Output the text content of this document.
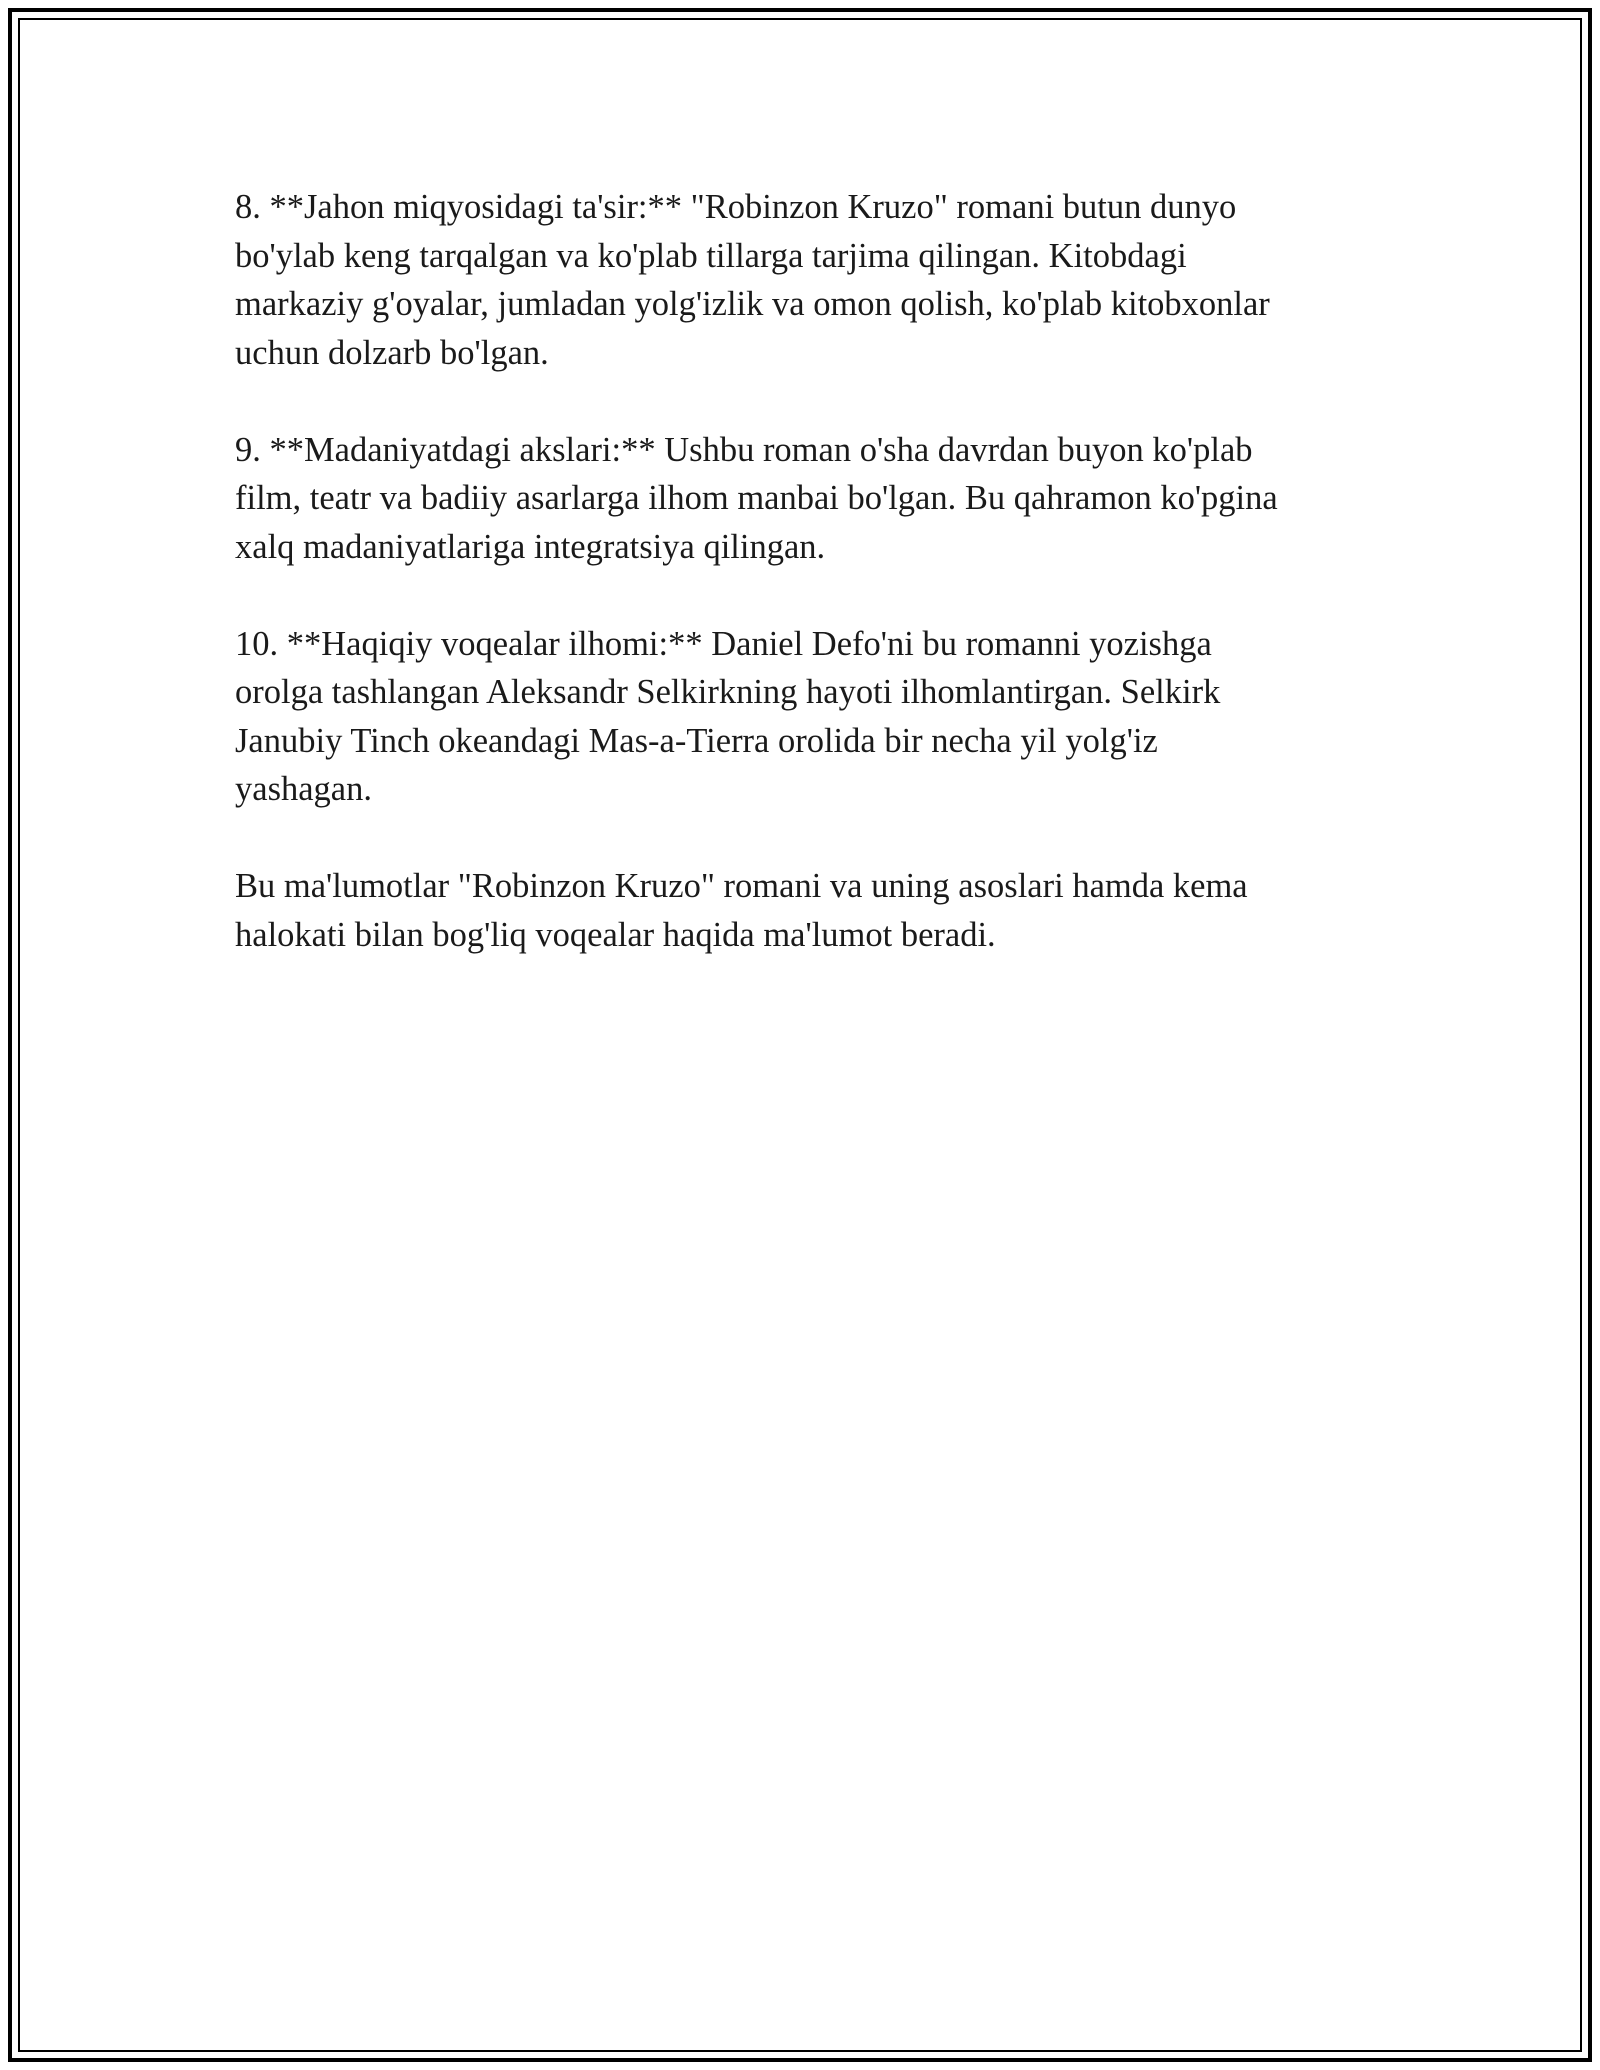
8. **Jahon miqyosidagi ta'sir:** "Robinzon Kruzo" romani butun dunyo
bo'ylab keng tarqalgan va ko'plab tillarga tarjima qilingan. Kitobdagi
markaziy g'oyalar, jumladan yolg'izlik va omon qolish, ko'plab kitobxonlar
uchun dolzarb bo'lgan.

9. **Madaniyatdagi akslari:** Ushbu roman o'sha davrdan buyon ko'plab
film, teatr va badiiy asarlarga ilhom manbai bo'lgan. Bu qahramon ko'pgina
xalq madaniyatlariga integratsiya qilingan.

10. **Haqiqiy voqealar ilhomi:** Daniel Defo'ni bu romanni yozishga
orolga tashlangan Aleksandr Selkirkning hayoti ilhomlantirgan. Selkirk
Janubiy Tinch okeandagi Mas-a-Tierra orolida bir necha yil yolg'iz
yashagan.

Bu ma'lumotlar "Robinzon Kruzo" romani va uning asoslari hamda kema
halokati bilan bog'liq voqealar haqida ma'lumot beradi.
